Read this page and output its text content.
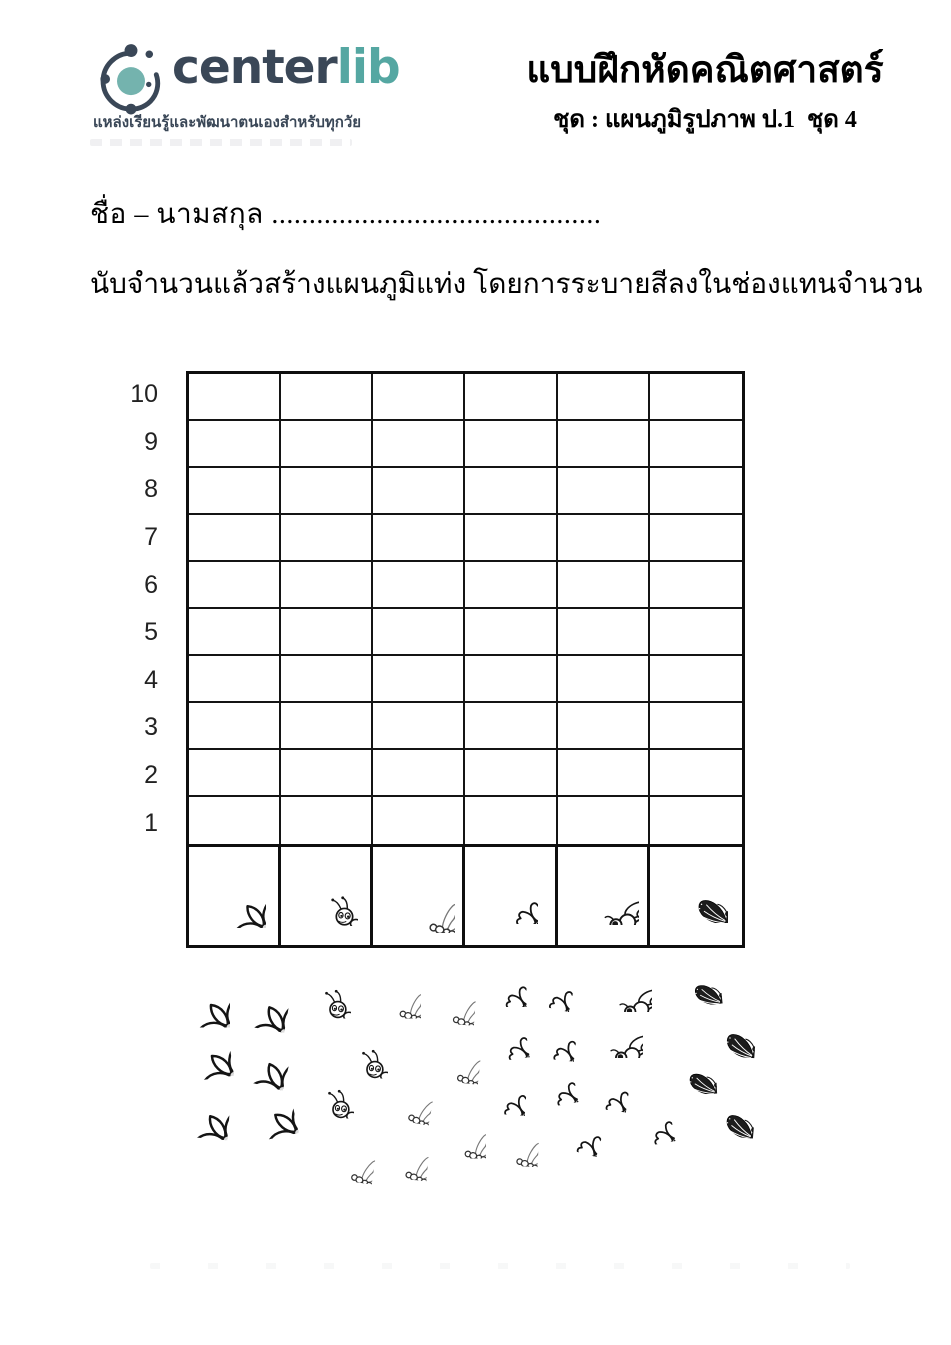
centerlib
แหล่งเรียนรู้และพัฒนาตนเองสำหรับทุกวัย
แบบฝึกหัดคณิตศาสตร์
ชุด : แผนภูมิรูปภาพ ป.1  ชุด 4
ชื่อ – นามสกุล ............................................
นับจำนวนแล้วสร้างแผนภูมิแท่ง โดยการระบายสีลงในช่องแทนจำนวน
10
9
8
7
6
5
4
3
2
1
